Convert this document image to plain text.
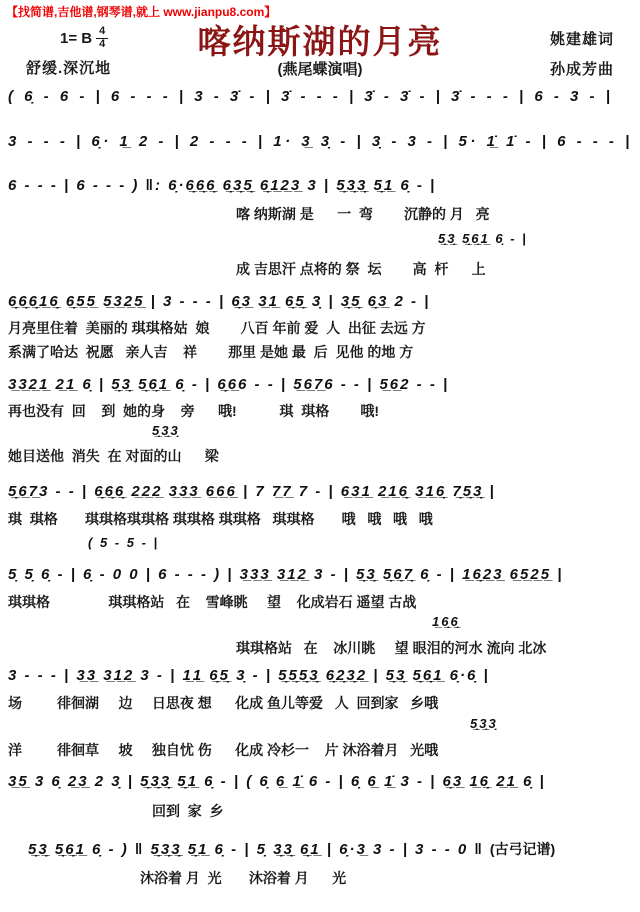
【找简谱,吉他谱,钢琴谱,就上 www.jianpu8.com】
1= B $\frac{4}{4}$
舒缓.深沉地
喀纳斯湖的月亮
(燕尾蝶演唱)
姚建雄词
孙成芳曲
( 6̣ - 6 - | 6 - - - | 3 - 3̇ - | 3̇ - - - | 3̇ - 3̇ - | 3̇ - - - | 6 - 3 - |
3 - - - | 6̣· 1̲ 2 - | 2 - - - | 1· 3̲ 3̣ - | 3̣ - 3 - | 5· 1̲̇ 1̇ - | 6 - - - |
6 - - - | 6 - - - ) ‖: 6̣·6̲̣6̲̣6̲̣ 6̲̣3̲̣5̲̣ 6̲̣1̲2̲3̲ 3 | 5̲̣3̲̣3̲̣ 5̲̣1̲ 6̣ - |
喀 纳斯湖 是      一  弯        沉静的 月   亮
5̲̣3̲̣ 5̲̣6̲̣1̲ 6̣ - |
成 吉思汗 点将的 祭  坛        高  杆      上
6̲̣6̲̣6̲̣1̲6̲̣ 6̲̣5̲5̲ 5̲3̲2̲5̲ | 3 - - - | 6̲̣3̲ 3̲1̲ 6̲̣5̲̣ 3̣ | 3̲̣5̲̣ 6̲̣3̲ 2 - |
月亮里住着  美丽的 琪琪格姑  娘        八百 年前 爱  人  出征 去远 方
系满了哈达  祝愿   亲人吉    祥        那里 是她 最  后  见他 的地 方
3̲3̲2̲1̲ 2̲1̲ 6̣ | 5̲̣3̲̣ 5̲̣6̲̣1̲ 6̣ - | 6̲̣6̲6 - - | 5̲6̲7̲6 - - | 5̲6̲2 - - |
再也没有  回    到  她的身    旁      哦!           琪  琪格        哦!
5̲̣3̲̣3̣
她目送他  消失  在 对面的山      梁
5̲̣6̲7̲3 - - | 6̲̣6̲̣6̲̣ 2̲2̲2̲ 3̲3̲3̲ 6̲6̲6̲ | 7 7̲7̲ 7 - | 6̲3̲1̲ 2̲1̲6̲̣ 3̲1̲6̲̣ 7̲̣5̲̣3̲̣ |
琪  琪格       琪琪格琪琪格 琪琪格 琪琪格   琪琪格       哦   哦   哦   哦
( 5 - 5 - |
5̣ 5̣ 6̣ - | 6̣ - 0 0 | 6 - - - ) | 3̲3̲3̲ 3̲1̲2̲ 3 - | 5̲̣3̲̣ 5̲̣6̲̣7̲̣ 6̣ - | 1̲6̲̣2̲3̲ 6̲5̲2̲5̲ |
琪琪格               琪琪格站   在    雪峰眺     望    化成岩石 遥望 古战
1̲6̲̣6̲̣
琪琪格站   在    冰川眺     望 眼泪的河水 流向 北冰
3 - - - | 3̲3̲ 3̲1̲2̲ 3 - | 1̲1̲ 6̲̣5̲̣ 3̣ - | 5̲̣5̲̣5̲̣3̲̣ 6̲̣2̲̣3̲̣2̲ | 5̲̣3̲̣ 5̲̣6̲̣1̲ 6̣·6̣ |
场         徘徊湖     边     日思夜 想      化成 鱼儿等爱   人  回到家   乡哦
5̲̣3̲̣3̣
洋         徘徊草     坡     独自忧 伤      化成 冷杉一    片 沐浴着月   光哦
3̲5̲ 3 6̣ 2̲3̲ 2 3̣ | 5̲̣3̲̣3̲̣ 5̲̣1̲ 6̣ - | ( 6̣ 6̲ 1̲̇ 6 - | 6̣ 6̲ 1̲̇ 3 - | 6̲̣3̲ 1̲6̲̣ 2̲1̲ 6̣ |
回到  家  乡
5̲̣3̲̣ 5̲̣6̲̣1̲ 6̣ - ) ‖ 5̲̣3̲̣3̲̣ 5̲̣1̲ 6̣ - | 5̣ 3̲̣3̲̣ 6̲̣1̲ | 6̣·3̲ 3 - | 3 - - 0 ‖ (古弓记谱)
沐浴着 月  光       沐浴着 月      光
